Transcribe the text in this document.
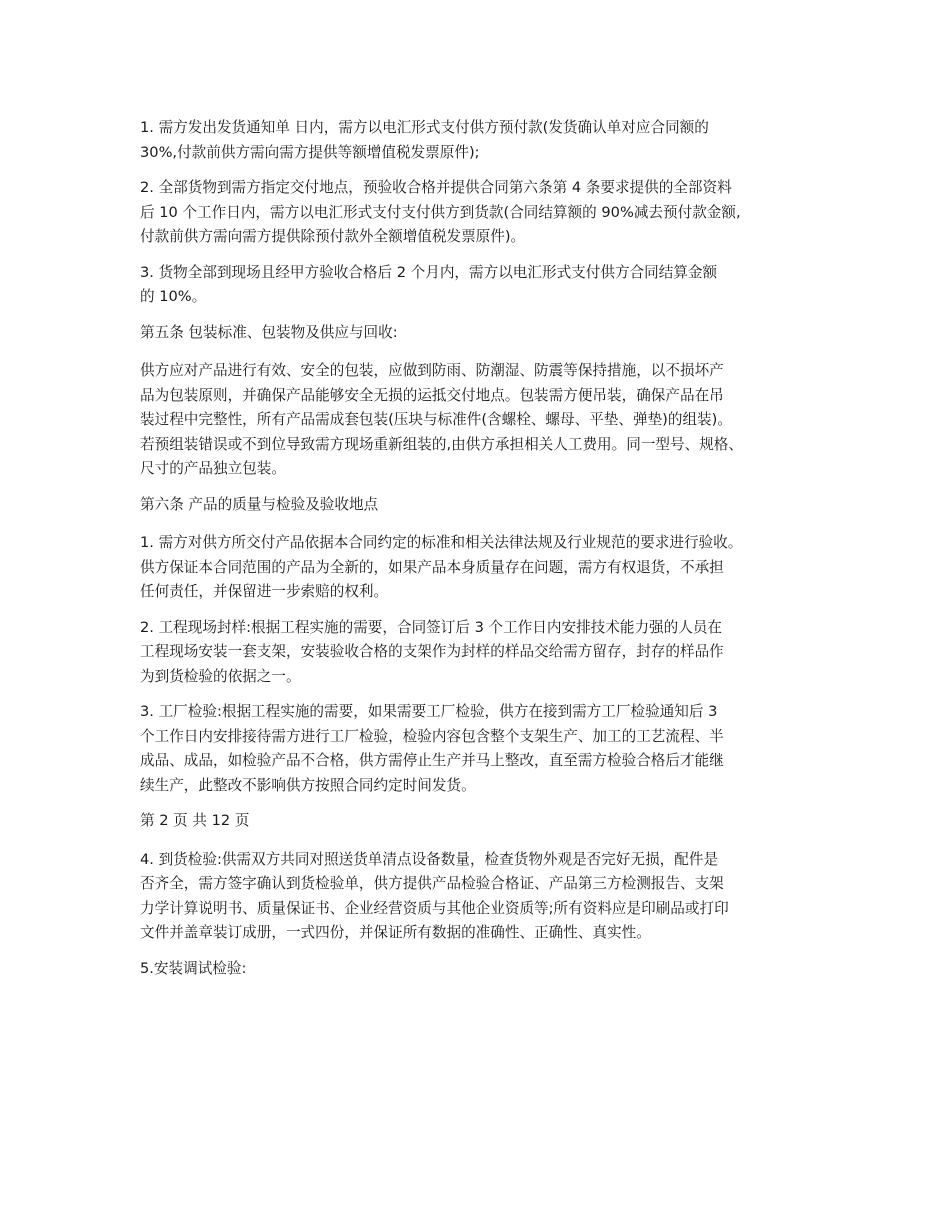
1. 需方发出发货通知单 日内，需方以电汇形式支付供方预付款(发货确认单对应合同额的
30%,付款前供方需向需方提供等额增值税发票原件);

2. 全部货物到需方指定交付地点，预验收合格并提供合同第六条第 4 条要求提供的全部资料
后 10 个工作日内，需方以电汇形式支付支付供方到货款(合同结算额的 90%减去预付款金额,
付款前供方需向需方提供除预付款外全额增值税发票原件)。

3. 货物全部到现场且经甲方验收合格后 2 个月内，需方以电汇形式支付供方合同结算金额
的 10%。

第五条 包装标准、包装物及供应与回收:

供方应对产品进行有效、安全的包装，应做到防雨、防潮湿、防震等保持措施，以不损坏产
品为包装原则，并确保产品能够安全无损的运抵交付地点。包装需方便吊装，确保产品在吊
装过程中完整性，所有产品需成套包装(压块与标准件(含螺栓、螺母、平垫、弹垫)的组装)。
若预组装错误或不到位导致需方现场重新组装的,由供方承担相关人工费用。同一型号、规格、
尺寸的产品独立包装。

第六条 产品的质量与检验及验收地点

1. 需方对供方所交付产品依据本合同约定的标准和相关法律法规及行业规范的要求进行验收。
供方保证本合同范围的产品为全新的，如果产品本身质量存在问题，需方有权退货，不承担
任何责任，并保留进一步索赔的权利。

2. 工程现场封样:根据工程实施的需要，合同签订后 3 个工作日内安排技术能力强的人员在
工程现场安装一套支架，安装验收合格的支架作为封样的样品交给需方留存，封存的样品作
为到货检验的依据之一。

3. 工厂检验:根据工程实施的需要，如果需要工厂检验，供方在接到需方工厂检验通知后 3
个工作日内安排接待需方进行工厂检验，检验内容包含整个支架生产、加工的工艺流程、半
成品、成品，如检验产品不合格，供方需停止生产并马上整改，直至需方检验合格后才能继
续生产，此整改不影响供方按照合同约定时间发货。

第 2 页 共 12 页

4. 到货检验:供需双方共同对照送货单清点设备数量，检查货物外观是否完好无损，配件是
否齐全，需方签字确认到货检验单，供方提供产品检验合格证、产品第三方检测报告、支架
力学计算说明书、质量保证书、企业经营资质与其他企业资质等;所有资料应是印刷品或打印
文件并盖章装订成册，一式四份，并保证所有数据的准确性、正确性、真实性。

5.安装调试检验:
